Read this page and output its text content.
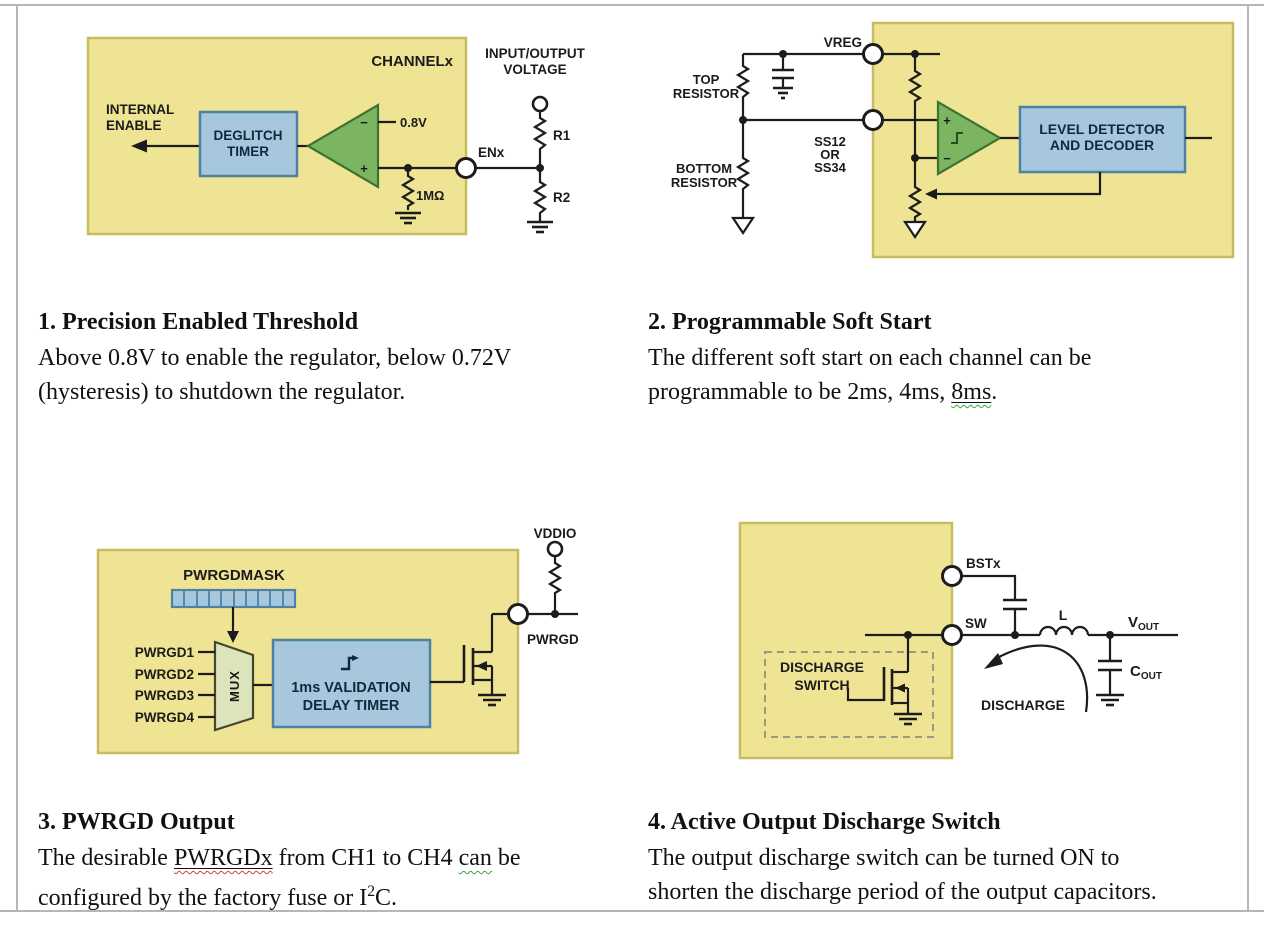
CHANNELx
INTERNAL
ENABLE
DEGLITCH
TIMER
−
+
0.8V
1MΩ
ENx
INPUT/OUTPUT
VOLTAGE
R1
R2
VREG
TOP
RESISTOR
SS12
OR
SS34
BOTTOM
RESISTOR
+
−
LEVEL DETECTOR
AND DECODER
PWRGDMASK
MUX
PWRGD1
PWRGD2
PWRGD3
PWRGD4
1ms VALIDATION
DELAY TIMER
PWRGD
VDDIO
BSTx
SW
L	$V_{OUT}$
$C_{OUT}$
DISCHARGE
DISCHARGE
SWITCH
1. Precision Enabled Threshold
Above 0.8V to enable the regulator, below 0.72V
(hysteresis) to shutdown the regulator.
2. Programmable Soft Start
The different soft start on each channel can be
programmable to be 2ms, 4ms, 8ms.
3. PWRGD Output
The desirable PWRGDx from CH1 to CH4 can be
configured by the factory fuse or $I^2C$.
4. Active Output Discharge Switch
The output discharge switch can be turned ON to
shorten the discharge period of the output capacitors.
